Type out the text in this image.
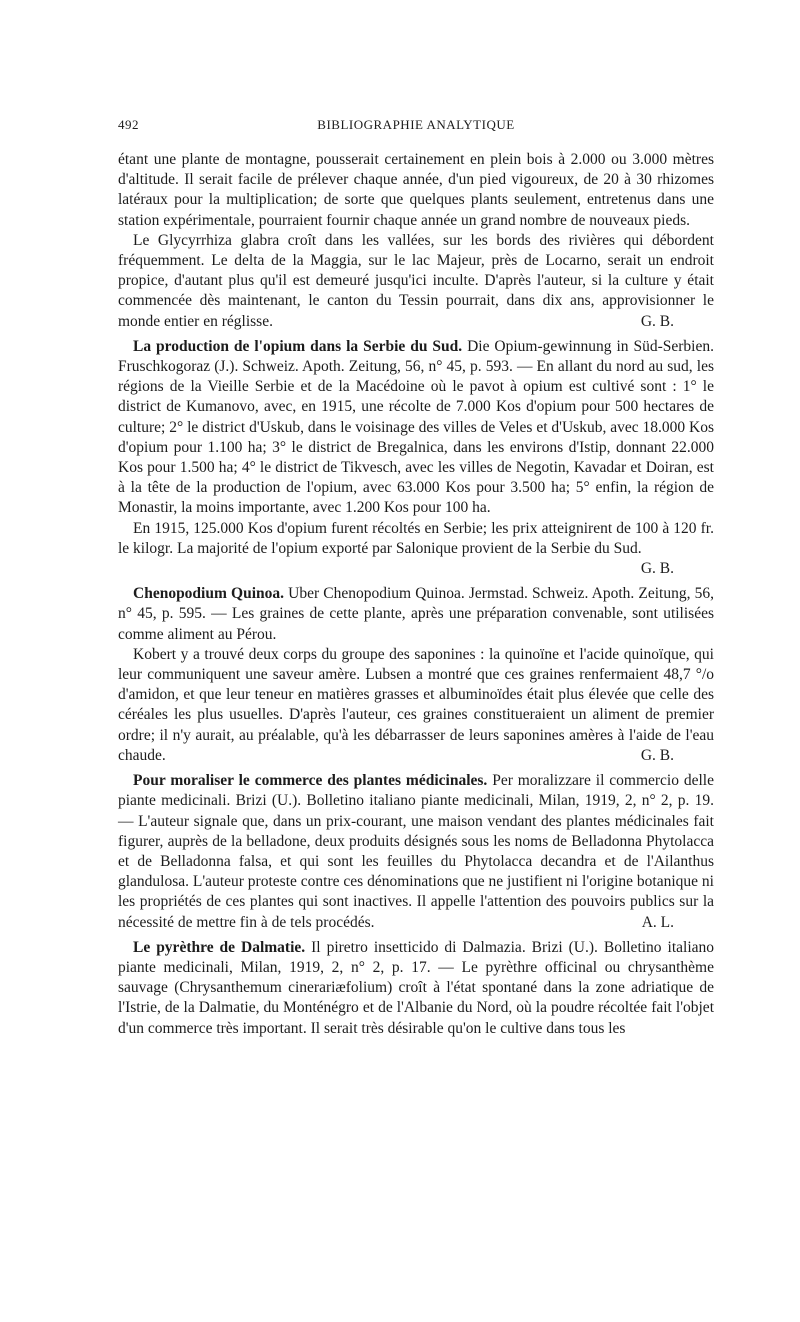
492	BIBLIOGRAPHIE ANALYTIQUE

étant une plante de montagne, pousserait certainement en plein bois à 2.000 ou 3.000 mètres d'altitude. Il serait facile de prélever chaque année, d'un pied vigoureux, de 20 à 30 rhizomes latéraux pour la multiplication; de sorte que quelques plants seulement, entretenus dans une station expérimentale, pourraient fournir chaque année un grand nombre de nouveaux pieds.

Le Glycyrrhiza glabra croît dans les vallées, sur les bords des rivières qui débordent fréquemment. Le delta de la Maggia, sur le lac Majeur, près de Locarno, serait un endroit propice, d'autant plus qu'il est demeuré jusqu'ici inculte. D'après l'auteur, si la culture y était commencée dès maintenant, le canton du Tessin pourrait, dans dix ans, approvisionner le monde entier en réglisse.	G. B.

La production de l'opium dans la Serbie du Sud. Die Opium-gewinnung in Süd-Serbien. Fruschkogoraz (J.). Schweiz. Apoth. Zeitung, 56, n° 45, p. 593. — En allant du nord au sud, les régions de la Vieille Serbie et de la Macédoine où le pavot à opium est cultivé sont : 1° le district de Kumanovo, avec, en 1915, une récolte de 7.000 Kos d'opium pour 500 hectares de culture; 2° le district d'Uskub, dans le voisinage des villes de Veles et d'Uskub, avec 18.000 Kos d'opium pour 1.100 ha; 3° le district de Bregalnica, dans les environs d'Istip, donnant 22.000 Kos pour 1.500 ha; 4° le district de Tikvesch, avec les villes de Negotin, Kavadar et Doiran, est à la tête de la production de l'opium, avec 63.000 Kos pour 3.500 ha; 5° enfin, la région de Monastir, la moins importante, avec 1.200 Kos pour 100 ha.

En 1915, 125.000 Kos d'opium furent récoltés en Serbie; les prix atteignirent de 100 à 120 fr. le kilogr. La majorité de l'opium exporté par Salonique provient de la Serbie du Sud.
G. B.

Chenopodium Quinoa. Uber Chenopodium Quinoa. Jermstad. Schweiz. Apoth. Zeitung, 56, n° 45, p. 595. — Les graines de cette plante, après une préparation convenable, sont utilisées comme aliment au Pérou.

Kobert y a trouvé deux corps du groupe des saponines : la quinoïne et l'acide quinoïque, qui leur communiquent une saveur amère. Lubsen a montré que ces graines renfermaient 48,7 °/o d'amidon, et que leur teneur en matières grasses et albuminoïdes était plus élevée que celle des céréales les plus usuelles. D'après l'auteur, ces graines constitueraient un aliment de premier ordre; il n'y aurait, au préalable, qu'à les débarrasser de leurs saponines amères à l'aide de l'eau chaude.	G. B.

Pour moraliser le commerce des plantes médicinales. Per moralizzare il commercio delle piante medicinali. Brizi (U.). Bolletino italiano piante medicinali, Milan, 1919, 2, n° 2, p. 19. — L'auteur signale que, dans un prix-courant, une maison vendant des plantes médicinales fait figurer, auprès de la belladone, deux produits désignés sous les noms de Belladonna Phytolacca et de Belladonna falsa, et qui sont les feuilles du Phytolacca decandra et de l'Ailanthus glandulosa. L'auteur proteste contre ces dénominations que ne justifient ni l'origine botanique ni les propriétés de ces plantes qui sont inactives. Il appelle l'attention des pouvoirs publics sur la nécessité de mettre fin à de tels procédés.	A. L.

Le pyrèthre de Dalmatie. Il piretro insetticido di Dalmazia. Brizi (U.). Bolletino italiano piante medicinali, Milan, 1919, 2, n° 2, p. 17. — Le pyrèthre officinal ou chrysanthème sauvage (Chrysanthemum cinerariæfolium) croît à l'état spontané dans la zone adriatique de l'Istrie, de la Dalmatie, du Monténégro et de l'Albanie du Nord, où la poudre récoltée fait l'objet d'un commerce très important. Il serait très désirable qu'on le cultive dans tous les
